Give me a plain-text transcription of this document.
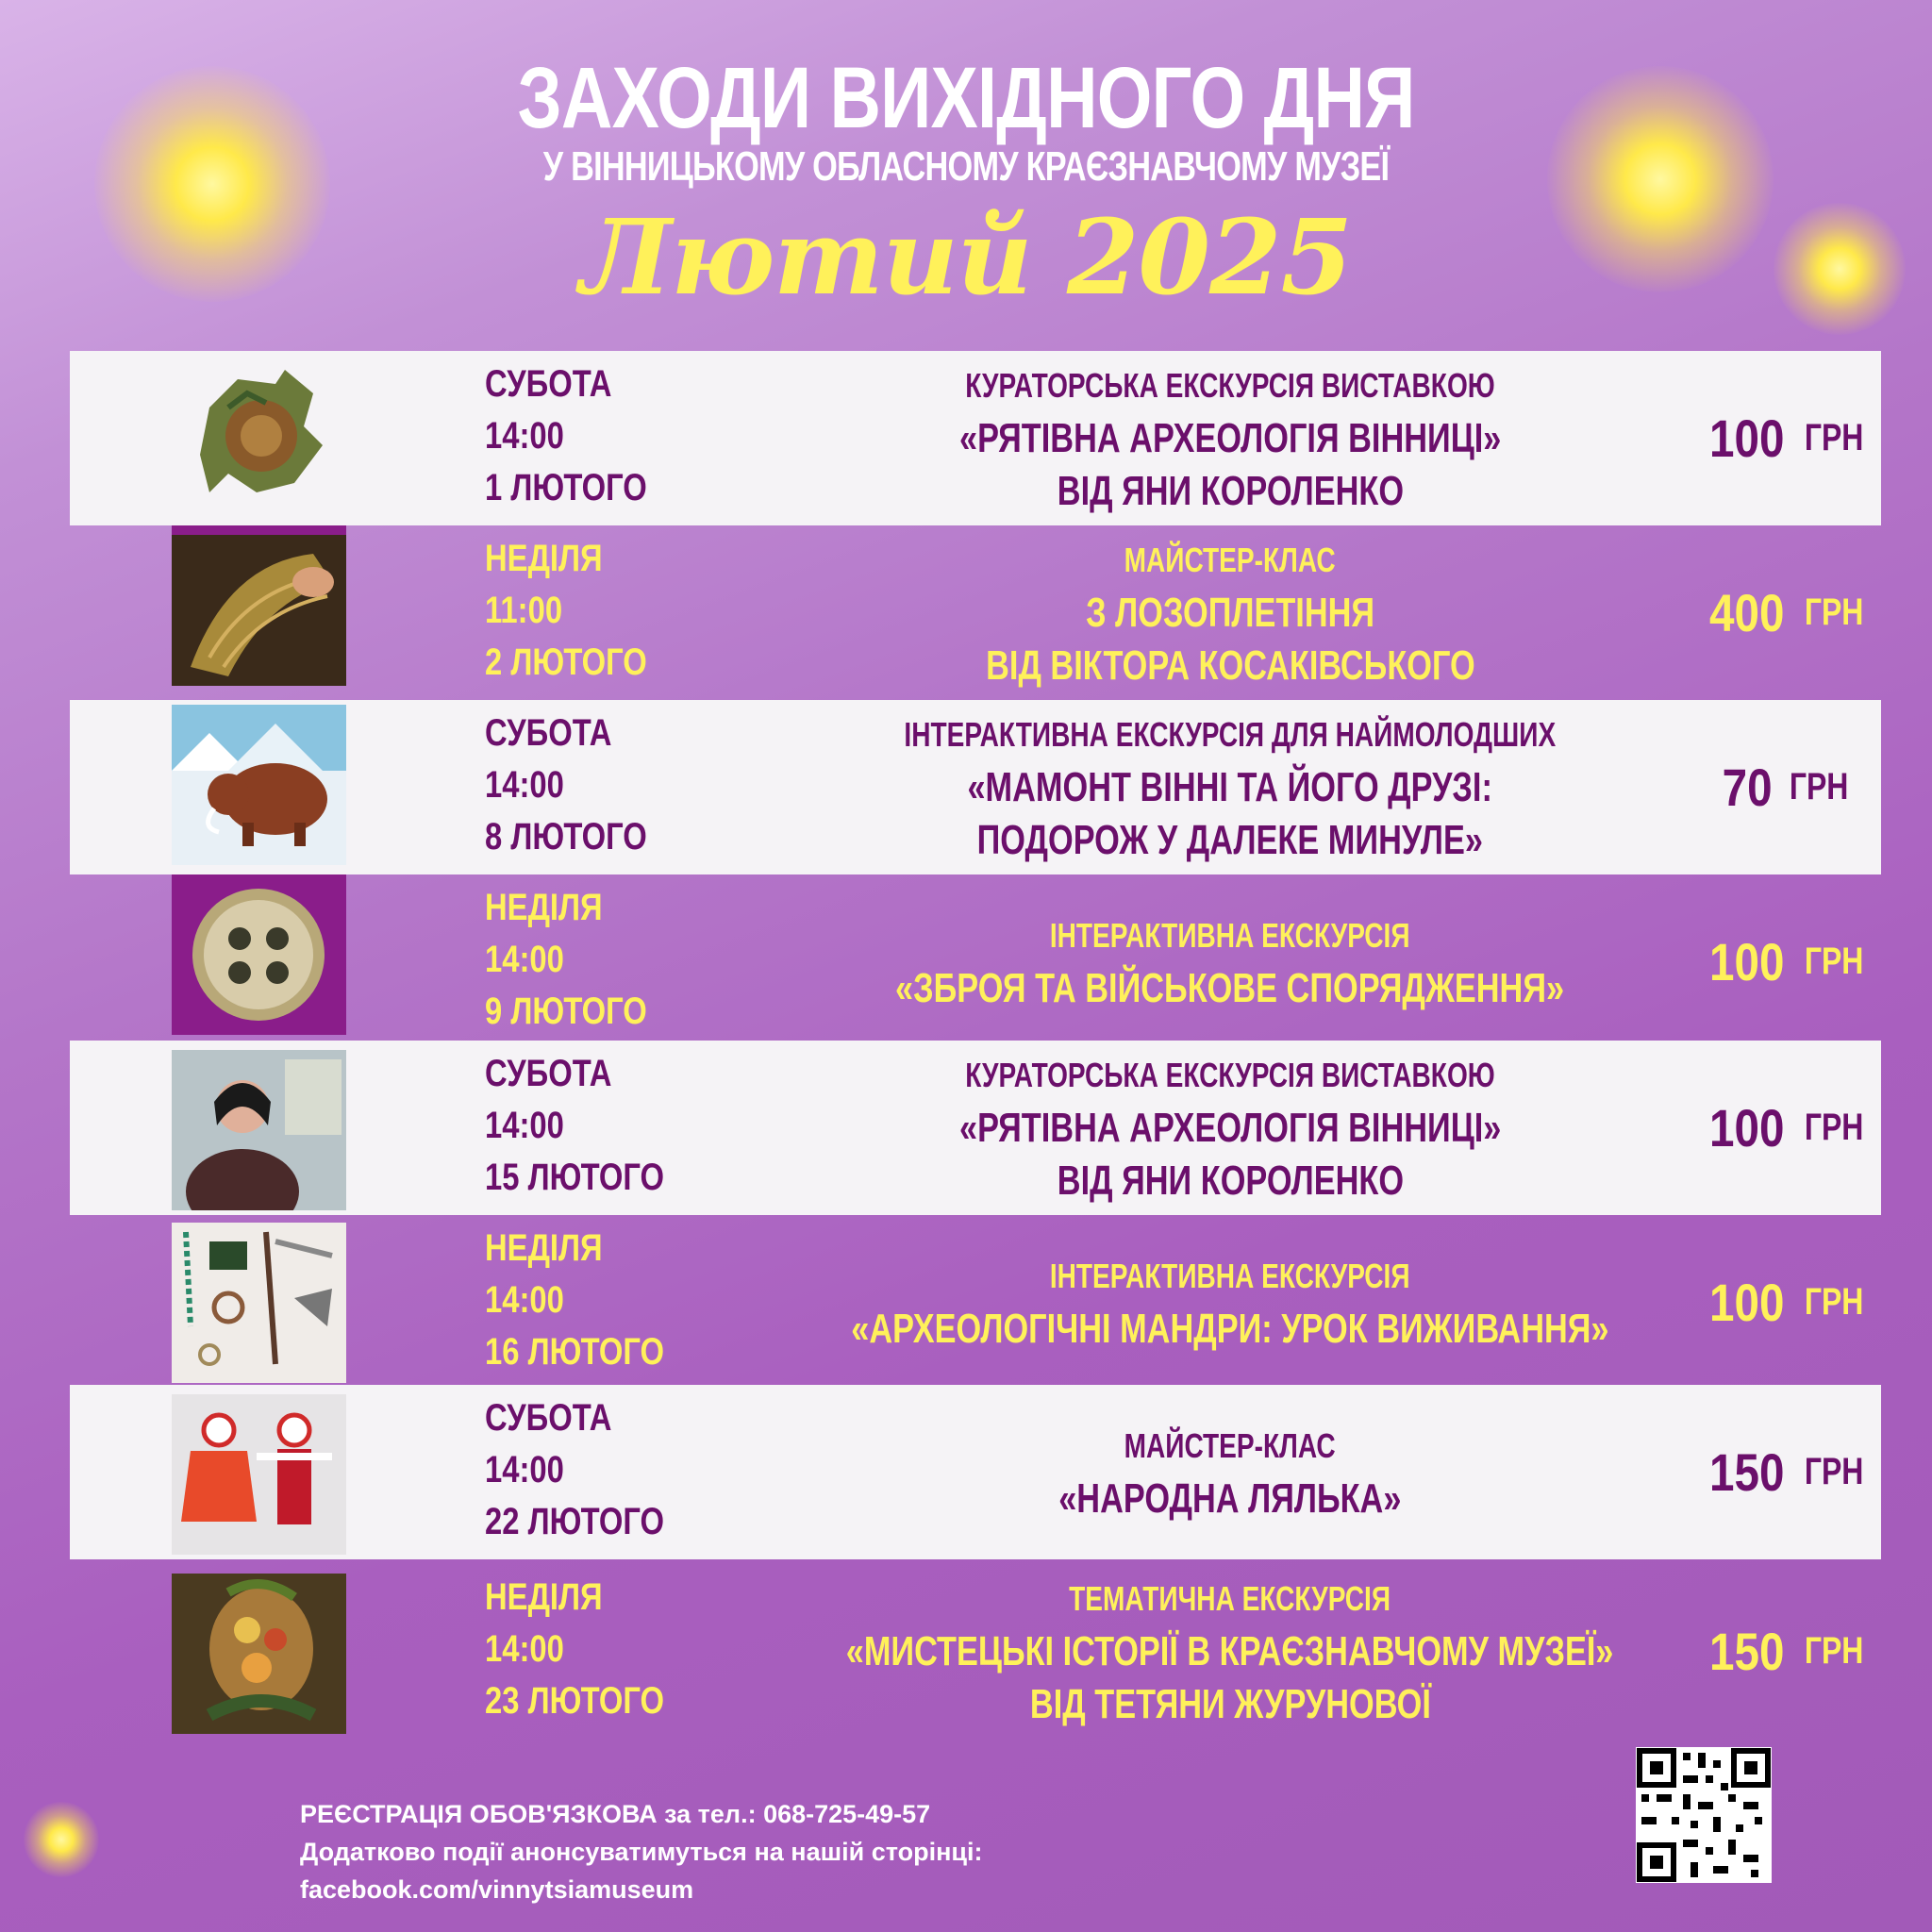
ЗАХОДИ ВИХІДНОГО ДНЯ
У ВІННИЦЬКОМУ ОБЛАСНОМУ КРАЄЗНАВЧОМУ МУЗЕЇ
Лютий 2025
СУБОТА
14:00
1 ЛЮТОГО
КУРАТОРСЬКА ЕКСКУРСІЯ ВИСТАВКОЮ
«РЯТІВНА АРХЕОЛОГІЯ ВІННИЦІ»
ВІД ЯНИ КОРОЛЕНКО
100 ГРН
НЕДІЛЯ
11:00
2 ЛЮТОГО
МАЙСТЕР-КЛАС
З ЛОЗОПЛЕТІННЯ
ВІД ВІКТОРА КОСАКІВСЬКОГО
400 ГРН
СУБОТА
14:00
8 ЛЮТОГО
ІНТЕРАКТИВНА ЕКСКУРСІЯ ДЛЯ НАЙМОЛОДШИХ
«МАМОНТ ВІННІ ТА ЙОГО ДРУЗІ:
ПОДОРОЖ У ДАЛЕКЕ МИНУЛЕ»
70 ГРН
НЕДІЛЯ
14:00
9 ЛЮТОГО
ІНТЕРАКТИВНА ЕКСКУРСІЯ
«ЗБРОЯ ТА ВІЙСЬКОВЕ СПОРЯДЖЕННЯ»	100 ГРН
СУБОТА
14:00
15 ЛЮТОГО
КУРАТОРСЬКА ЕКСКУРСІЯ ВИСТАВКОЮ
«РЯТІВНА АРХЕОЛОГІЯ ВІННИЦІ»
ВІД ЯНИ КОРОЛЕНКО
100 ГРН
НЕДІЛЯ
14:00
16 ЛЮТОГО
ІНТЕРАКТИВНА ЕКСКУРСІЯ
«АРХЕОЛОГІЧНІ МАНДРИ: УРОК ВИЖИВАННЯ» 100 ГРН
СУБОТА
14:00
22 ЛЮТОГО
МАЙСТЕР-КЛАС
«НАРОДНА ЛЯЛЬКА»	150 ГРН
НЕДІЛЯ
14:00
23 ЛЮТОГО
ТЕМАТИЧНА ЕКСКУРСІЯ
«МИСТЕЦЬКІ ІСТОРІЇ В КРАЄЗНАВЧОМУ МУЗЕЇ»
ВІД ТЕТЯНИ ЖУРУНОВОЇ
150 ГРН
РЕЄСТРАЦІЯ ОБОВ'ЯЗКОВА за тел.: 068-725-49-57
Додатково події анонсуватимуться на нашій сторінці:
facebook.com/vinnytsiamuseum
